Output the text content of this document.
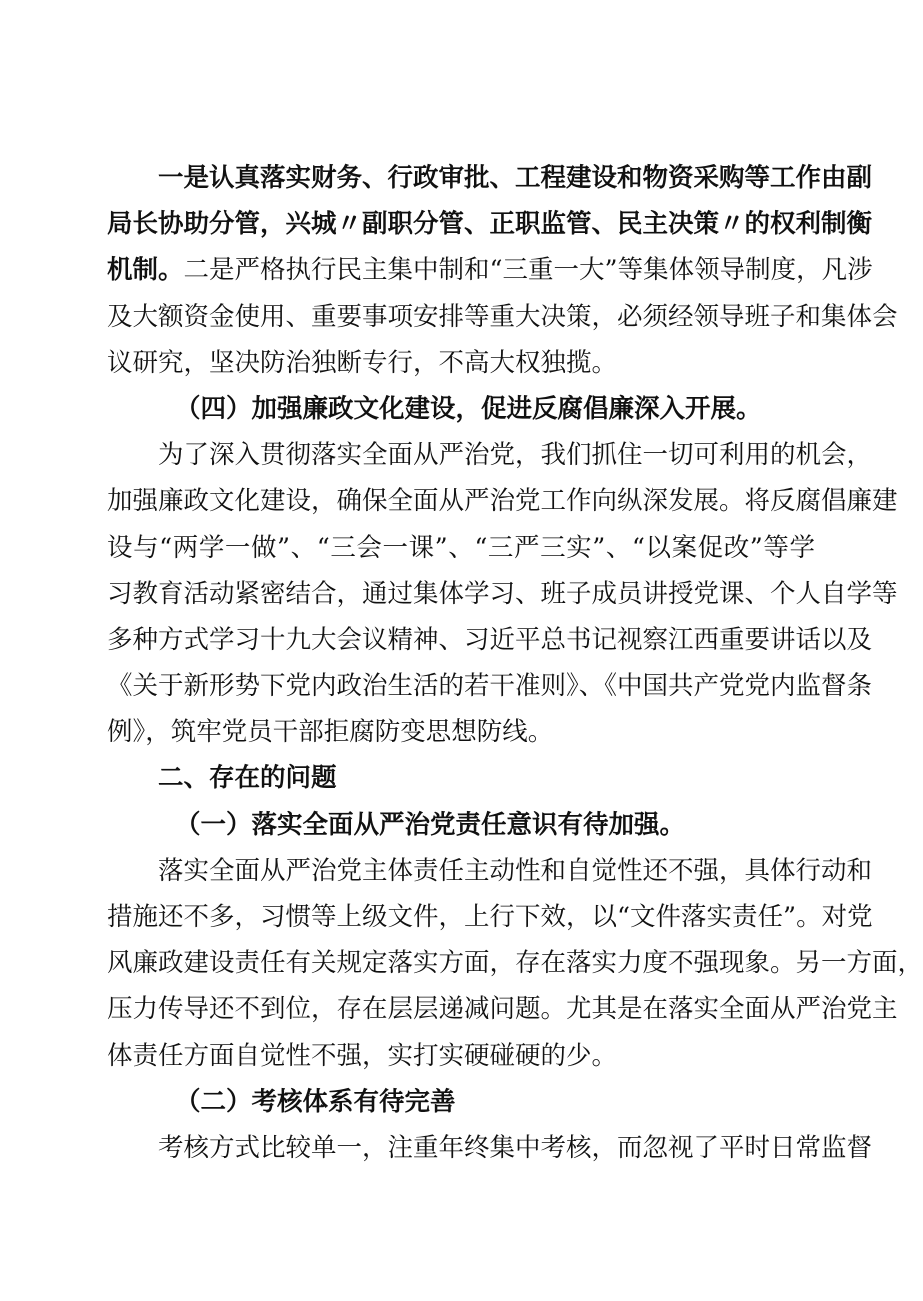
一是认真落实财务、行政审批、工程建设和物资采购等工作由副
局长协助分管，兴城〃副职分管、正职监管、民主决策〃的权利制衡
机制。二是严格执行民主集中制和“三重一大”等集体领导制度，凡涉
及大额资金使用、重要事项安排等重大决策，必须经领导班子和集体会
议研究，坚决防治独断专行，不高大权独揽。
（四）加强廉政文化建设，促进反腐倡廉深入开展。
为了深入贯彻落实全面从严治党，我们抓住一切可利用的机会，
加强廉政文化建设，确保全面从严治党工作向纵深发展。将反腐倡廉建
设与“两学一做”、“三会一课”、“三严三实”、“以案促改”等学
习教育活动紧密结合，通过集体学习、班子成员讲授党课、个人自学等
多种方式学习十九大会议精神、习近平总书记视察江西重要讲话以及
《关于新形势下党内政治生活的若干准则》、《中国共产党党内监督条
例》，筑牢党员干部拒腐防变思想防线。
二、存在的问题
（一）落实全面从严治党责任意识有待加强。
落实全面从严治党主体责任主动性和自觉性还不强，具体行动和
措施还不多，习惯等上级文件，上行下效，以“文件落实责任”。对党
风廉政建设责任有关规定落实方面，存在落实力度不强现象。另一方面，
压力传导还不到位，存在层层递减问题。尤其是在落实全面从严治党主
体责任方面自觉性不强，实打实硬碰硬的少。
（二）考核体系有待完善
考核方式比较单一，注重年终集中考核，而忽视了平时日常监督
